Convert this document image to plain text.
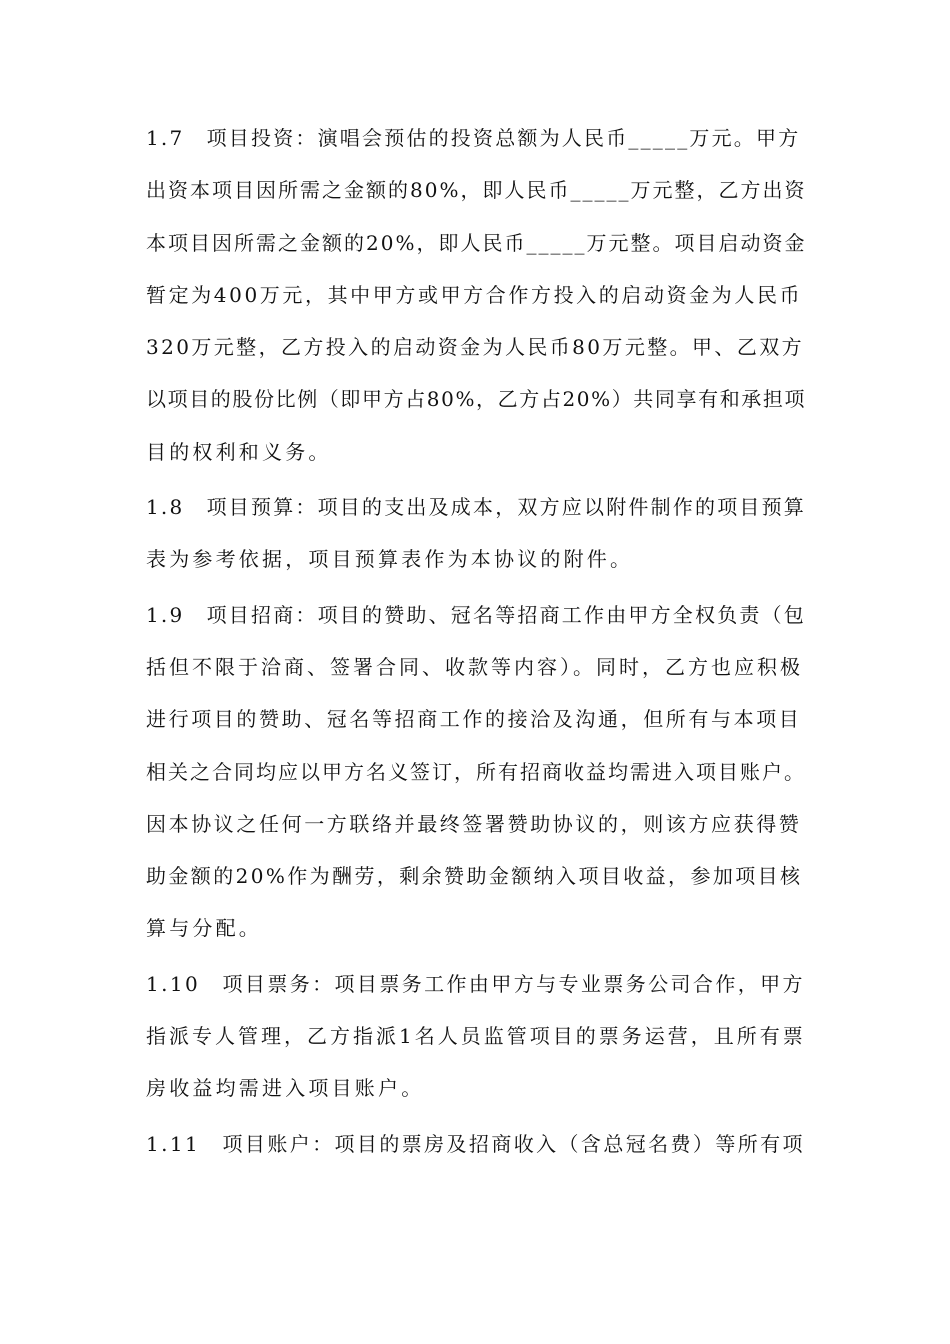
1.7　项目投资：演唱会预估的投资总额为人民币_____万元。甲方
出资本项目因所需之金额的80%，即人民币_____万元整，乙方出资
本项目因所需之金额的20%，即人民币_____万元整。项目启动资金
暂定为400万元，其中甲方或甲方合作方投入的启动资金为人民币
320万元整，乙方投入的启动资金为人民币80万元整。甲、乙双方
以项目的股份比例（即甲方占80%，乙方占20%）共同享有和承担项
目的权利和义务。
1.8　项目预算：项目的支出及成本，双方应以附件制作的项目预算
表为参考依据，项目预算表作为本协议的附件。
1.9　项目招商：项目的赞助、冠名等招商工作由甲方全权负责（包
括但不限于洽商、签署合同、收款等内容）。同时，乙方也应积极
进行项目的赞助、冠名等招商工作的接洽及沟通，但所有与本项目
相关之合同均应以甲方名义签订，所有招商收益均需进入项目账户。
因本协议之任何一方联络并最终签署赞助协议的，则该方应获得赞
助金额的20%作为酬劳，剩余赞助金额纳入项目收益，参加项目核
算与分配。
1.10　项目票务：项目票务工作由甲方与专业票务公司合作，甲方
指派专人管理，乙方指派1名人员监管项目的票务运营，且所有票
房收益均需进入项目账户。
1.11　项目账户：项目的票房及招商收入（含总冠名费）等所有项
